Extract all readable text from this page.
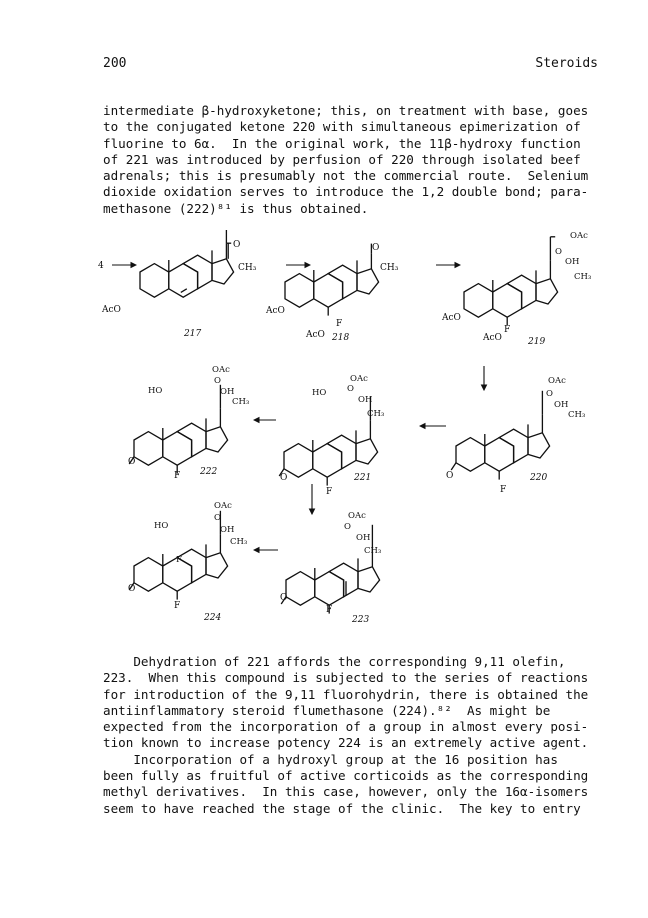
200	Steroids
intermediate β-hydroxyketone; this, on treatment with base, goes
to the conjugated ketone 220 with simultaneous epimerization of
fluorine to 6α.  In the original work, the 11β-hydroxy function
of 221 was introduced by perfusion of 220 through isolated beef
adrenals; this is presumably not the commercial route.  Selenium
dioxide oxidation serves to introduce the 1,2 double bond; para-
methasone (222)⁸¹ is thus obtained.
4
O
CH₃
AcO
217
O
CH₃
AcO
F
AcO 218
OAc
O
OH
CH₃
AcO
F
AcO	219
OAc
O
OH
CH₃
O
F
220
OAc
O
OH
CH₃
HO
O
F
221
OAc
O
OH
CH₃
HO
O
F 222
OAc
O
OH
CH₃
O
F
223
OAc
O
OH
CH₃
HO
F
O
F
224
Dehydration of 221 affords the corresponding 9,11 olefin,
223.  When this compound is subjected to the series of reactions
for introduction of the 9,11 fluorohydrin, there is obtained the
antiinflammatory steroid flumethasone (224).⁸²  As might be
expected from the incorporation of a group in almost every posi-
tion known to increase potency 224 is an extremely active agent.
Incorporation of a hydroxyl group at the 16 position has
been fully as fruitful of active corticoids as the corresponding
methyl derivatives.  In this case, however, only the 16α-isomers
seem to have reached the stage of the clinic.  The key to entry
